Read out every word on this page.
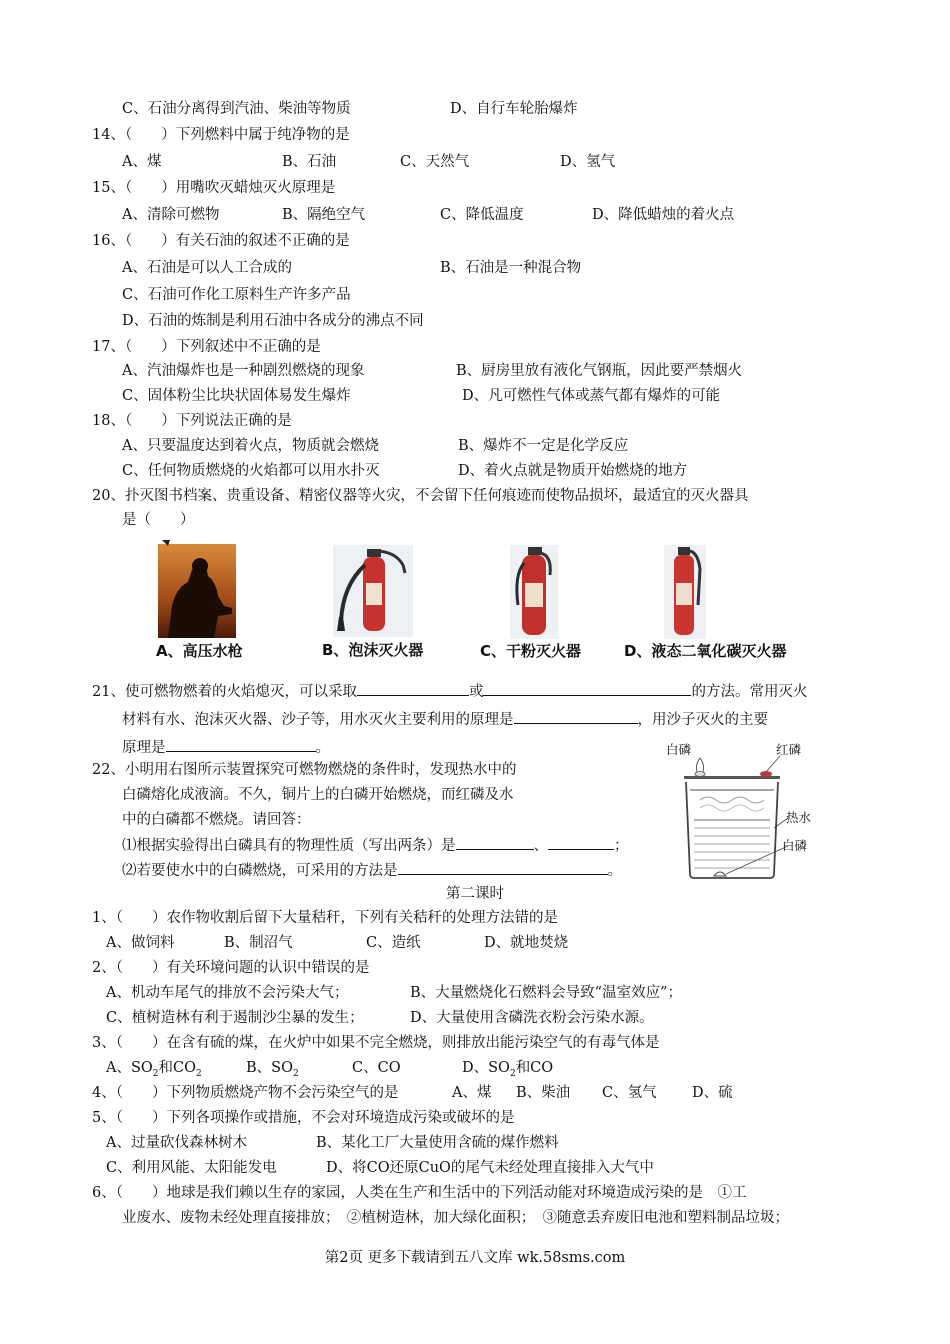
C、石油分离得到汽油、柴油等物质	D、自行车轮胎爆炸
14、（　　）下列燃料中属于纯净物的是
A、煤	B、石油	C、天然气	D、氢气
15、（　　）用嘴吹灭蜡烛灭火原理是
A、清除可燃物	B、隔绝空气	C、降低温度	D、降低蜡烛的着火点
16、（　　）有关石油的叙述不正确的是
A、石油是可以人工合成的	B、石油是一种混合物
C、石油可作化工原料生产许多产品
D、石油的炼制是利用石油中各成分的沸点不同
17、（　　）下列叙述中不正确的是
A、汽油爆炸也是一种剧烈燃烧的现象	B、厨房里放有液化气钢瓶，因此要严禁烟火
C、固体粉尘比块状固体易发生爆炸	D、凡可燃性气体或蒸气都有爆炸的可能
18、（　　）下列说法正确的是
A、只要温度达到着火点，物质就会燃烧	B、爆炸不一定是化学反应
C、任何物质燃烧的火焰都可以用水扑灭	D、着火点就是物质开始燃烧的地方
20、扑灭图书档案、贵重设备、精密仪器等火灾，不会留下任何痕迹而使物品损坏，最适宜的灭火器具
是（　　）
A、高压水枪	B、泡沫灭火器	C、干粉灭火器	D、液态二氧化碳灭火器
21、使可燃物燃着的火焰熄灭，可以采取	或	的方法。常用灭火
材料有水、泡沫灭火器、沙子等，用水灭火主要利用的原理是	，用沙子灭火的主要
原理是	。
22、小明用右图所示装置探究可燃物燃烧的条件时，发现热水中的
白磷熔化成液滴。不久，铜片上的白磷开始燃烧，而红磷及水
中的白磷都不燃烧。请回答：
⑴根据实验得出白磷具有的物理性质（写出两条）是	、	；
⑵若要使水中的白磷燃烧，可采用的方法是	。
白磷	红磷
热水
白磷
第二课时
1、（　　）农作物收割后留下大量秸秆，下列有关秸秆的处理方法错的是
A、做饲料	B、制沼气	C、造纸	D、就地焚烧
2、（　　）有关环境问题的认识中错误的是
A、机动车尾气的排放不会污染大气；	B、大量燃烧化石燃料会导致“温室效应”；
C、植树造林有利于遏制沙尘暴的发生；	D、大量使用含磷洗衣粉会污染水源。
3、（　　）在含有硫的煤，在火炉中如果不完全燃烧，则排放出能污染空气的有毒气体是
A、$SO_2$和$CO_2$	B、$SO_2$	C、CO	D、$SO_2$和CO
4、（　　）下列物质燃烧产物不会污染空气的是	A、煤 B、柴油 C、氢气 D、硫
5、（　　）下列各项操作或措施，不会对环境造成污染或破坏的是
A、过量砍伐森林树木	B、某化工厂大量使用含硫的煤作燃料
C、利用风能、太阳能发电	D、将CO还原CuO的尾气未经处理直接排入大气中
6、（　　）地球是我们赖以生存的家园，人类在生产和生活中的下列活动能对环境造成污染的是　①工
业废水、废物未经处理直接排放；　②植树造林，加大绿化面积；　③随意丢弃废旧电池和塑料制品垃圾；
第2页 更多下载请到五八文库 wk.58sms.com
